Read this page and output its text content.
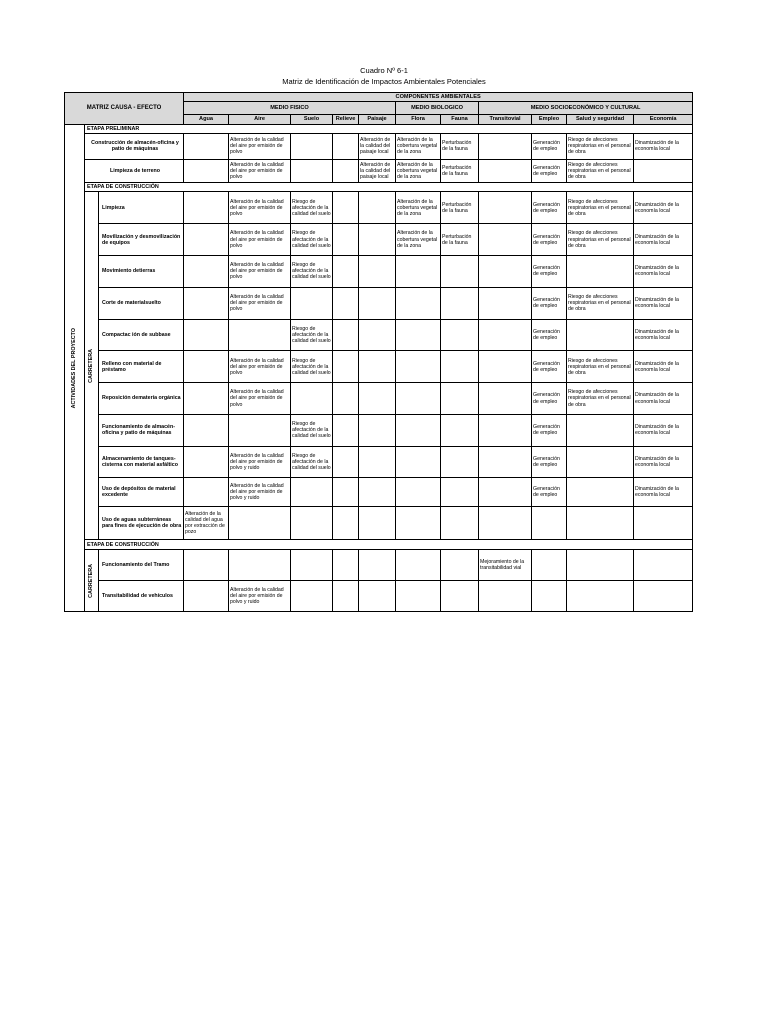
Cuadro Nº 6-1
Matriz de Identificación de Impactos Ambientales Potenciales
MATRIZ CAUSA - EFECTO			COMPONENTES AMBIENTALES										
			MEDIO FISICO					MEDIO BIOLOGICO		MEDIO SOCIOECONÓMICO Y CULTURAL			
			Agua	Aire	Suelo	Relieve	Paisaje	Flora	Fauna	Transitovial	Empleo	Salud y seguridad	Economía

ACTIVIDADES DEL PROYECTO	ETAPA PRELIMINAR												
	Construcción de almacén-oficina y patio de máquinas			Alteración de la calidad del aire por emisión de polvo			Alteración de la calidad del paisaje local	Alteración de la cobertura vegetal de la zona	Perturbación de la fauna		Generación de empleo	Riesgo de afecciones respiratorias en el personal de obra	Dinamización de la economía local
	Limpieza de terreno			Alteración de la calidad del aire por emisión de polvo			Alteración de la calidad del paisaje local	Alteración de la cobertura vegetal de la zona	Perturbación de la fauna		Generación de empleo	Riesgo de afecciones respiratorias en el personal de obra	
	ETAPA DE CONSTRUCCIÓN												

	CARRETERA	Limpieza		Alteración de la calidad del aire por emisión de polvo	Riesgo de afectación de la calidad del suelo			Alteración de la cobertura vegetal de la zona	Perturbación de la fauna		Generación de empleo	Riesgo de afecciones respiratorias en el personal de obra	Dinamización de la economía local
		Movilización y desmovilización de equipos		Alteración de la calidad del aire por emisión de polvo	Riesgo de afectación de la calidad del suelo			Alteración de la cobertura vegetal de la zona	Perturbación de la fauna		Generación de empleo	Riesgo de afecciones respiratorias en el personal de obra	Dinamización de la economía local
		Movimiento detierras		Alteración de la calidad del aire por emisión de polvo	Riesgo de afectación de la calidad del suelo						Generación de empleo		Dinamización de la economía local
		Corte de materialsuelto		Alteración de la calidad del aire por emisión de polvo							Generación de empleo	Riesgo de afecciones respiratorias en el personal de obra	Dinamización de la economía local
		Compactac ión de subbase			Riesgo de afectación de la calidad del suelo						Generación de empleo		Dinamización de la economía local
		Relleno con material de préstamo		Alteración de la calidad del aire por emisión de polvo	Riesgo de afectación de la calidad del suelo						Generación de empleo	Riesgo de afecciones respiratorias en el personal de obra	Dinamización de la economía local
		Reposición dematería orgánica		Alteración de la calidad del aire por emisión de polvo							Generación de empleo	Riesgo de afecciones respiratorias en el personal de obra	Dinamización de la economía local
		Funcionamiento de almacén-oficina y patio de máquinas			Riesgo de afectación de la calidad del suelo						Generación de empleo		Dinamización de la economía local
		Almacenamiento de tanques-cisterna con material asfáltico		Alteración de la calidad del aire por emisión de polvo y ruido	Riesgo de afectación de la calidad del suelo						Generación de empleo		Dinamización de la economía local
		Uso de depósitos de material excedente		Alteración de la calidad del aire por emisión de polvo y ruido							Generación de empleo		Dinamización de la economía local
		Uso de aguas subterráneas para fines de ejecución de obra	Alteración de la calidad del agua por extracción de pozo										
	ETAPA DE CONSTRUCCIÓN												

	CARRETERA	Funcionamiento del Tramo								Mejoramiento de la transitabilidad vial			
		Transitabilidad de vehículos		Alteración de la calidad del aire por emisión de polvo y ruido									
